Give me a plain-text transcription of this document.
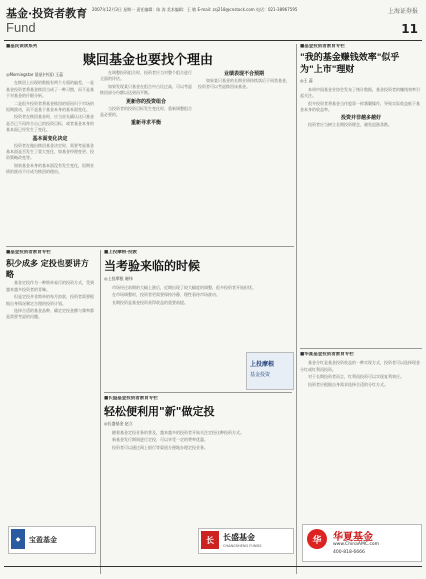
基金·投资者教育
Fund
2007年12月3日 星期一 责任编辑：陈 涛 美术编辑：王 敏 E-mail: zsj218@cnstock.com 电话：021-38967595	上海证券报
11
■基民误读系列
赎回基金也要找个理由
◎Morningstar 晨星(中国) 王蕊

在赎回上出现的数据有两个方面的偏差，一是基金投资者将基金赎回当成了一种习惯，而不是基于对基金的仔细分析。

二是很多投资者将基金赎回的原因归于市场的短期波动，而不是基于基金本身的基本面变化。

投资者在赎回基金时，应当首先确认这只基金是否已不再符合自己的投资目标，或者基金本身的基本面已经发生了变化。

基本面变化决定

投资者在做出赎回基金决定时，需要考虑基金基本面是否发生了重大变化，如基金经理变更、投资策略改变等。

如果基金本身的基本面没有发生变化，短期业绩的波动不应成为赎回的理由。

在调整投资组合时，投资者应当对整个组合进行全面的评估。

如果发现某只基金在组合中占比过高，可以考虑赎回部分份额以达到再平衡。

更新你的投资组合

当投资者的投资目标发生变化时，重新调整组合是必要的。

重新寻求平衡
业绩表现不合预期

如果某只基金的长期业绩持续落后于同类基金，投资者可以考虑赎回该基金。

■基金投资者教育专栏
"我的基金赚钱效率"似乎为"上市"理财
◎王 蕊

本周中国基金业协会发布了统计数据，基金投资者的赚钱效率引起关注。

很多投资者将基金当作股票一样频繁操作，导致实际收益低于基金本身的收益率。

投资并非越多越好

投资者应当树立长期投资理念，避免追涨杀跌。

■基金投资者教育专栏
积少成多 定投也要讲方略

基金定投作为一种简单易行的投资方式，受到越来越多投资者的青睐。

但是定投并非简单的每月扣款，投资者需要根据自身情况制定合理的投资计划。

选择合适的基金品种、确定定投金额与频率都是需要考虑的问题。

◆	宝盈基金
■上投摩根·投教
当考验来临的时候
◎上投摩根 谢伟

市场经过前期的大幅上涨后，近期出现了较大幅度的调整，很多投资者开始担忧。

在市场调整时，投资者更需要保持冷静，理性看待市场波动。

长期投资是基金投资获得收益的重要前提。

上投摩根
基金投资
■长盛基金投资者教育专栏
轻松便利用"新"做定投
◎长盛基金 赵立

随着基金定投业务的普及，越来越多的投资者开始关注定投这种投资方式。

新基金发行期间进行定投，可以享受一定的费率优惠。

投资者可以通过网上银行等渠道方便地办理定投业务。

长	长盛基金
CHANGSHENG FUNDS
■华夏基金投资者教育专栏

基金分红是基金投资收益的一种实现方式，投资者可以选择现金分红或红利再投资。

对于长期投资者而言，红利再投资可以实现复利效应。

投资者应根据自身需求选择合适的分红方式。

华	华夏基金
www.ChinaAMC.com
400-818-6666
